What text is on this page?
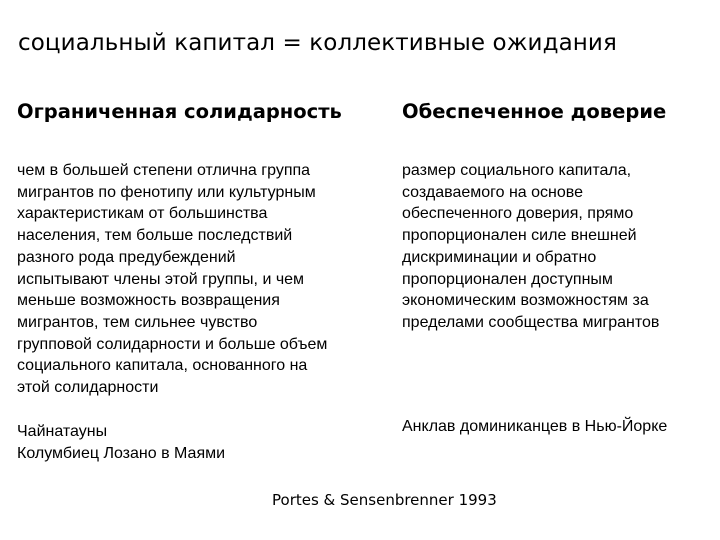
социальный капитал = коллективные ожидания
Ограниченная солидарность
чем в большей степени отлична группа
мигрантов по фенотипу или культурным
характеристикам от большинства
населения, тем больше последствий
разного рода предубеждений
испытывают члены этой группы, и чем
меньше возможность возвращения
мигрантов, тем сильнее чувство
групповой солидарности и больше объем
социального капитала, основанного на
этой солидарности
Обеспеченное доверие
размер социального капитала,
создаваемого на основе
обеспеченного доверия, прямо
пропорционален силе внешней
дискриминации и обратно
пропорционален доступным
экономическим возможностям за
пределами сообщества мигрантов
Чайнатауны
Колумбиец Лозано в Маями
Анклав доминиканцев в Нью-Йорке
Portes & Sensenbrenner 1993
